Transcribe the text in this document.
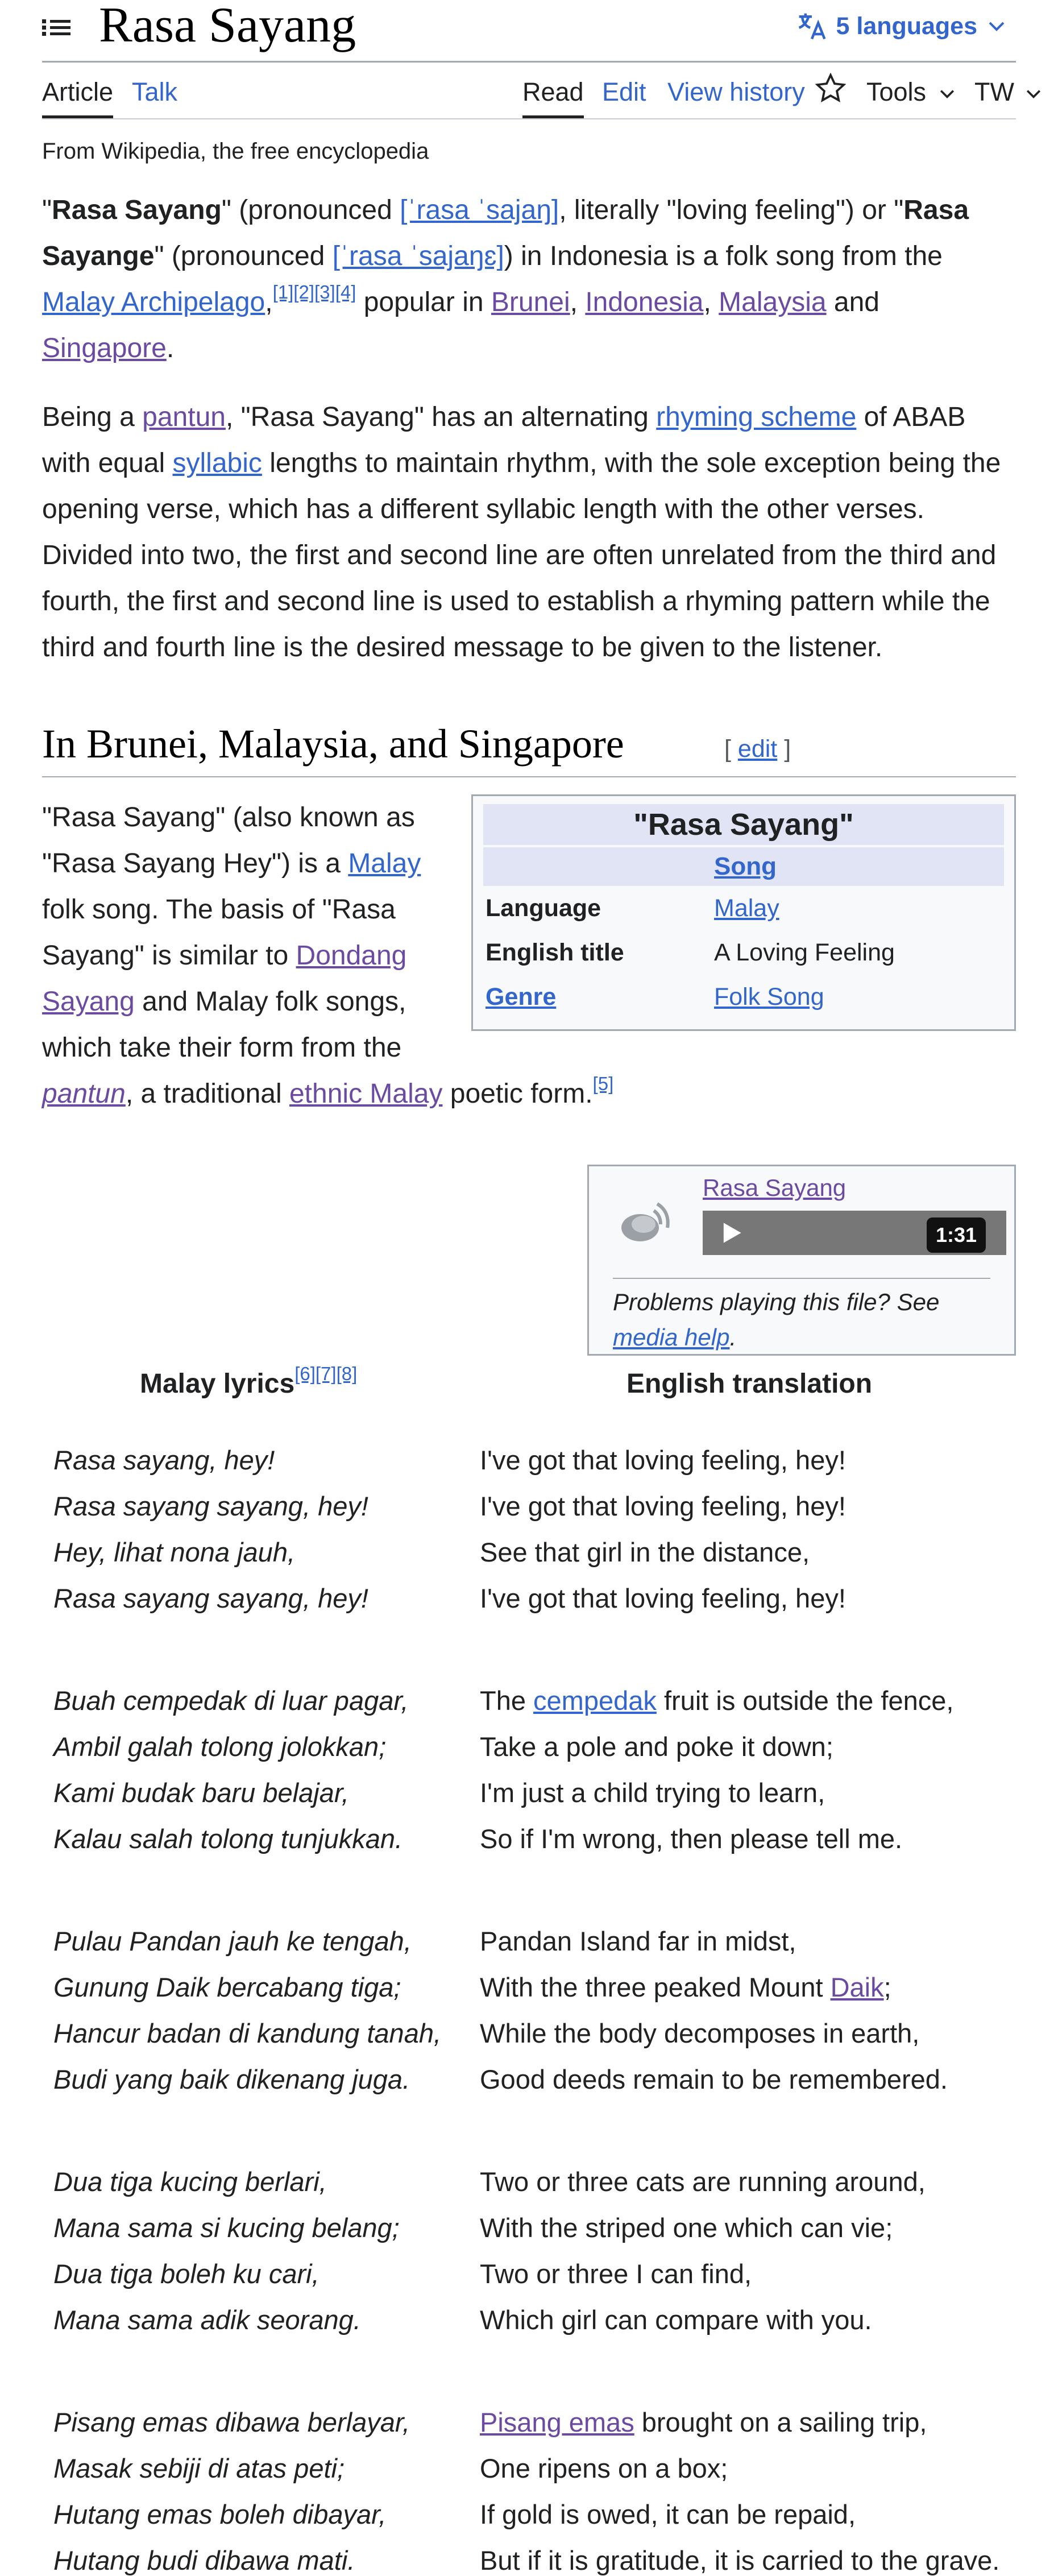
Rasa Sayang	5 languages
Article Talk	Read Edit View history Tools	TW
From Wikipedia, the free encyclopedia

"Rasa Sayang" (pronounced [ˈrasa ˈsajaŋ], literally "loving feeling") or "Rasa Sayange" (pronounced [ˈrasa ˈsajaŋɛ]) in Indonesia is a folk song from the
Malay Archipelago,[1][2][3][4] popular in Brunei, Indonesia, Malaysia and
Singapore.

Being a pantun, "Rasa Sayang" has an alternating rhyming scheme of ABAB
with equal syllabic lengths to maintain rhythm, with the sole exception being the
opening verse, which has a different syllabic length with the other verses.
Divided into two, the first and second line are often unrelated from the third and
fourth, the first and second line is used to establish a rhyming pattern while the
third and fourth line is the desired message to be given to the listener.

In Brunei, Malaysia, and Singapore	[ edit ]
"Rasa Sayang" (also known as
"Rasa Sayang Hey") is a Malay
folk song. The basis of "Rasa
Sayang" is similar to Dondang
Sayang and Malay folk songs,
which take their form from the
pantun, a traditional ethnic Malay poetic form.[5]
"Rasa Sayang"
Song
Language	Malay
English title	A Loving Feeling
Genre	Folk Song
Rasa Sayang
1:31
Problems playing this file? See
media help.
Malay lyrics[6][7][8]	English translation
Rasa sayang, hey!	I've got that loving feeling, hey!
Rasa sayang sayang, hey!	I've got that loving feeling, hey!
Hey, lihat nona jauh,	See that girl in the distance,
Rasa sayang sayang, hey!	I've got that loving feeling, hey!
Buah cempedak di luar pagar,	The cempedak fruit is outside the fence,
Ambil galah tolong jolokkan;	Take a pole and poke it down;
Kami budak baru belajar,	I'm just a child trying to learn,
Kalau salah tolong tunjukkan.	So if I'm wrong, then please tell me.
Pulau Pandan jauh ke tengah,	Pandan Island far in midst,
Gunung Daik bercabang tiga;	With the three peaked Mount Daik;
Hancur badan di kandung tanah, While the body decomposes in earth,
Budi yang baik dikenang juga.	Good deeds remain to be remembered.
Dua tiga kucing berlari,	Two or three cats are running around,
Mana sama si kucing belang;	With the striped one which can vie;
Dua tiga boleh ku cari,	Two or three I can find,
Mana sama adik seorang.	Which girl can compare with you.
Pisang emas dibawa berlayar,	Pisang emas brought on a sailing trip,
Masak sebiji di atas peti;	One ripens on a box;
Hutang emas boleh dibayar,	If gold is owed, it can be repaid,
Hutang budi dibawa mati.	But if it is gratitude, it is carried to the grave.
